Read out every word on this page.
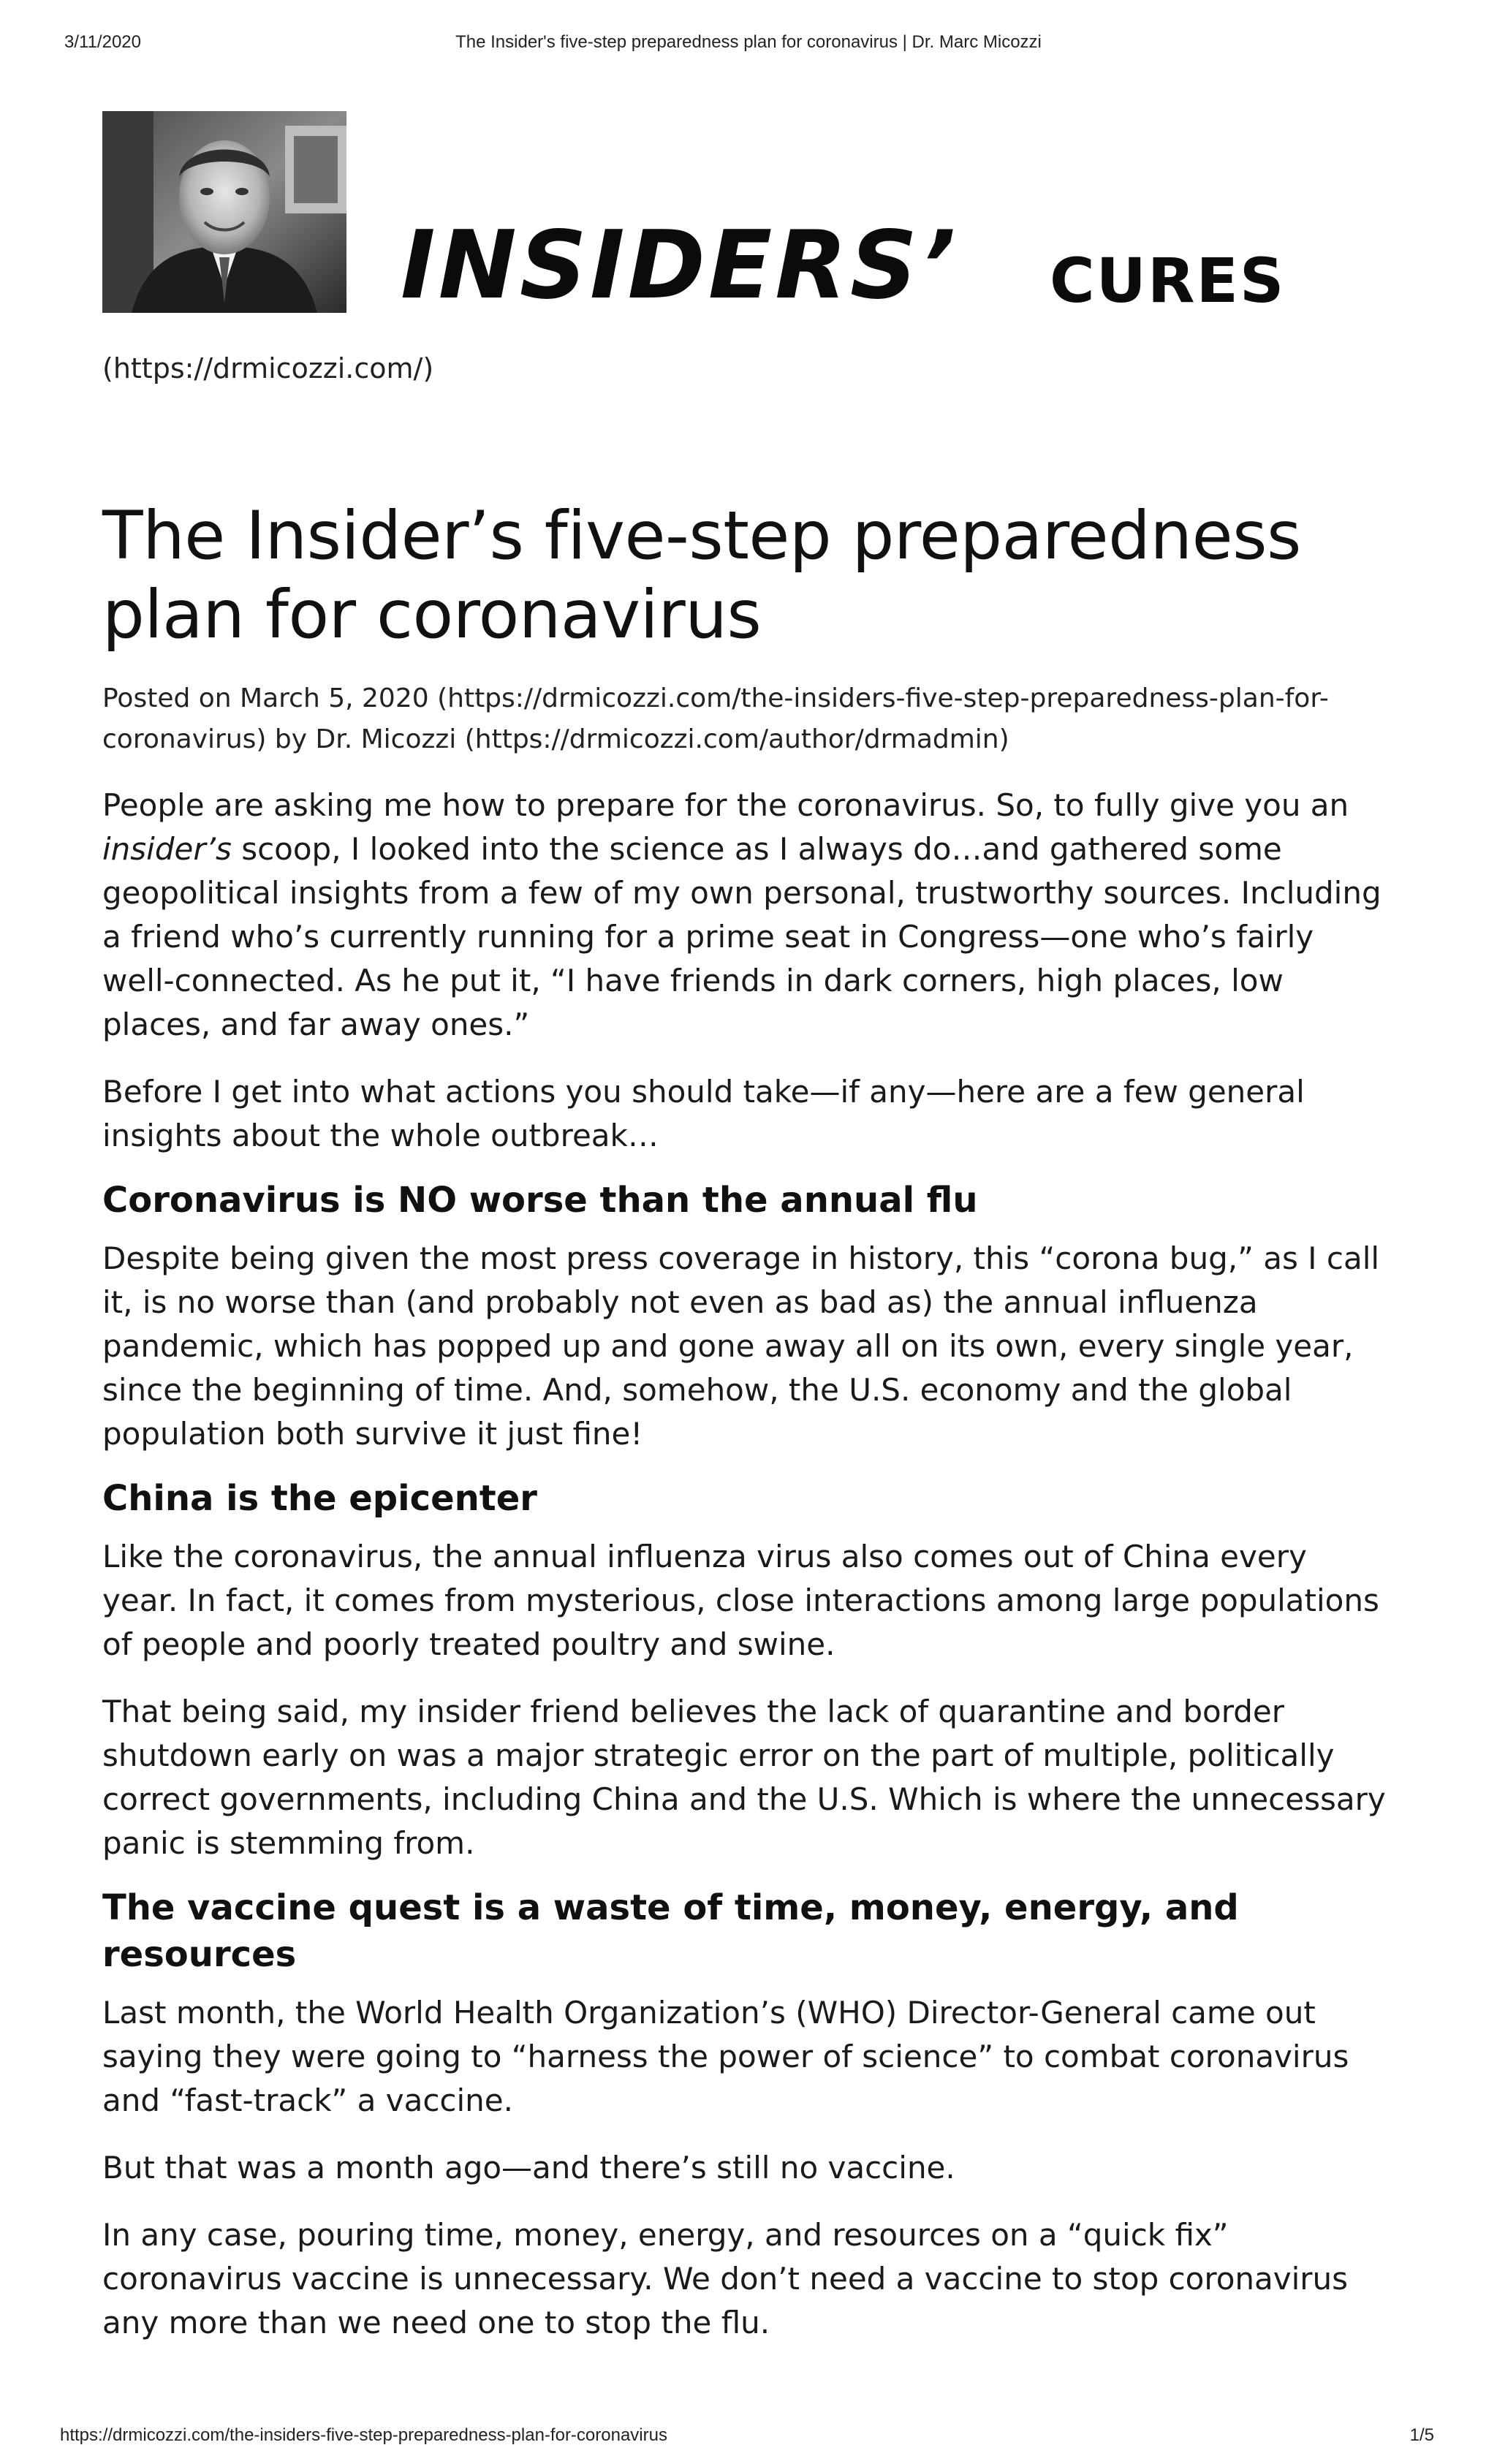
3/11/2020	The Insider's five-step preparedness plan for coronavirus | Dr. Marc Micozzi
INSIDERS’ CURES
(https://drmicozzi.com/)
The Insider’s five-step preparedness plan for coronavirus

Posted on March 5, 2020 (https://drmicozzi.com/the-insiders-five-step-preparedness-plan-for-coronavirus) by Dr. Micozzi (https://drmicozzi.com/author/drmadmin)

People are asking me how to prepare for the coronavirus. So, to fully give you an insider’s scoop, I looked into the science as I always do…and gathered some geopolitical insights from a few of my own personal, trustworthy sources. Including a friend who’s currently running for a prime seat in Congress—one who’s fairly well-connected. As he put it, “I have friends in dark corners, high places, low places, and far away ones.”

Before I get into what actions you should take—if any—here are a few general insights about the whole outbreak…

Coronavirus is NO worse than the annual flu

Despite being given the most press coverage in history, this “corona bug,” as I call it, is no worse than (and probably not even as bad as) the annual influenza pandemic, which has popped up and gone away all on its own, every single year, since the beginning of time. And, somehow, the U.S. economy and the global population both survive it just fine!

China is the epicenter

Like the coronavirus, the annual influenza virus also comes out of China every year. In fact, it comes from mysterious, close interactions among large populations of people and poorly treated poultry and swine.

That being said, my insider friend believes the lack of quarantine and border shutdown early on was a major strategic error on the part of multiple, politically correct governments, including China and the U.S. Which is where the unnecessary panic is stemming from.

The vaccine quest is a waste of time, money, energy, and resources

Last month, the World Health Organization’s (WHO) Director-General came out saying they were going to “harness the power of science” to combat coronavirus and “fast-track” a vaccine.

But that was a month ago—and there’s still no vaccine.

In any case, pouring time, money, energy, and resources on a “quick fix” coronavirus vaccine is unnecessary. We don’t need a vaccine to stop coronavirus any more than we need one to stop the flu.

https://drmicozzi.com/the-insiders-five-step-preparedness-plan-for-coronavirus	1/5
